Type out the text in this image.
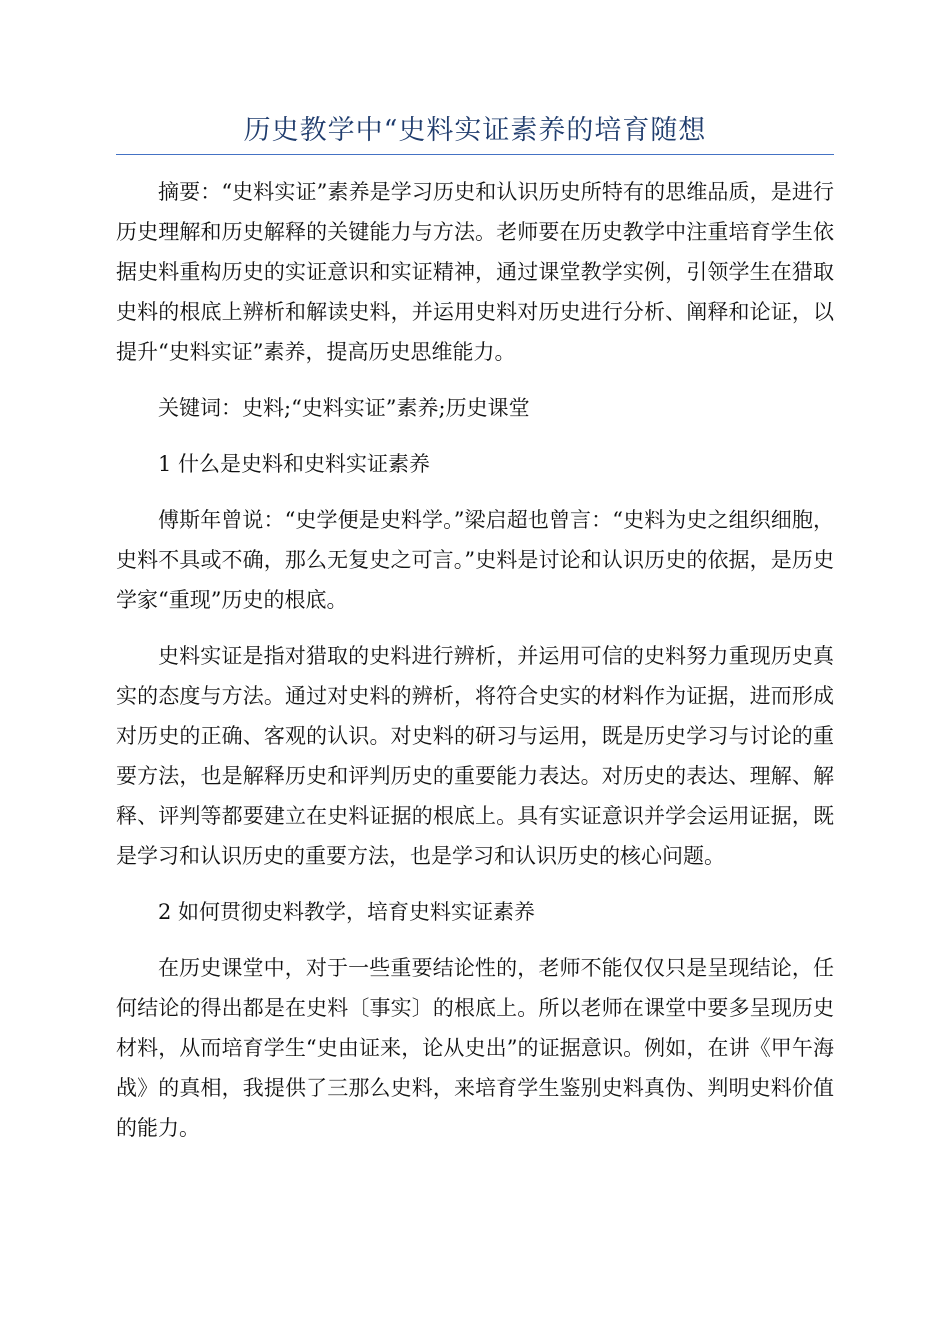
历史教学中“史料实证素养的培育随想

摘要：“史料实证”素养是学习历史和认识历史所特有的思维品质，是进行历史理解和历史解释的关键能力与方法。老师要在历史教学中注重培育学生依据史料重构历史的实证意识和实证精神，通过课堂教学实例，引领学生在猎取史料的根底上辨析和解读史料，并运用史料对历史进行分析、阐释和论证，以提升“史料实证”素养，提高历史思维能力。

关键词：史料;“史料实证”素养;历史课堂

1 什么是史料和史料实证素养

傅斯年曾说：“史学便是史料学。”梁启超也曾言：“史料为史之组织细胞，史料不具或不确，那么无复史之可言。”史料是讨论和认识历史的依据，是历史学家“重现”历史的根底。

史料实证是指对猎取的史料进行辨析，并运用可信的史料努力重现历史真实的态度与方法。通过对史料的辨析，将符合史实的材料作为证据，进而形成对历史的正确、客观的认识。对史料的研习与运用，既是历史学习与讨论的重要方法，也是解释历史和评判历史的重要能力表达。对历史的表达、理解、解释、评判等都要建立在史料证据的根底上。具有实证意识并学会运用证据，既是学习和认识历史的重要方法，也是学习和认识历史的核心问题。

2 如何贯彻史料教学，培育史料实证素养

在历史课堂中，对于一些重要结论性的，老师不能仅仅只是呈现结论，任何结论的得出都是在史料〔事实〕的根底上。所以老师在课堂中要多呈现历史材料，从而培育学生“史由证来，论从史出”的证据意识。例如，在讲《甲午海战》的真相，我提供了三那么史料，来培育学生鉴别史料真伪、判明史料价值的能力。
